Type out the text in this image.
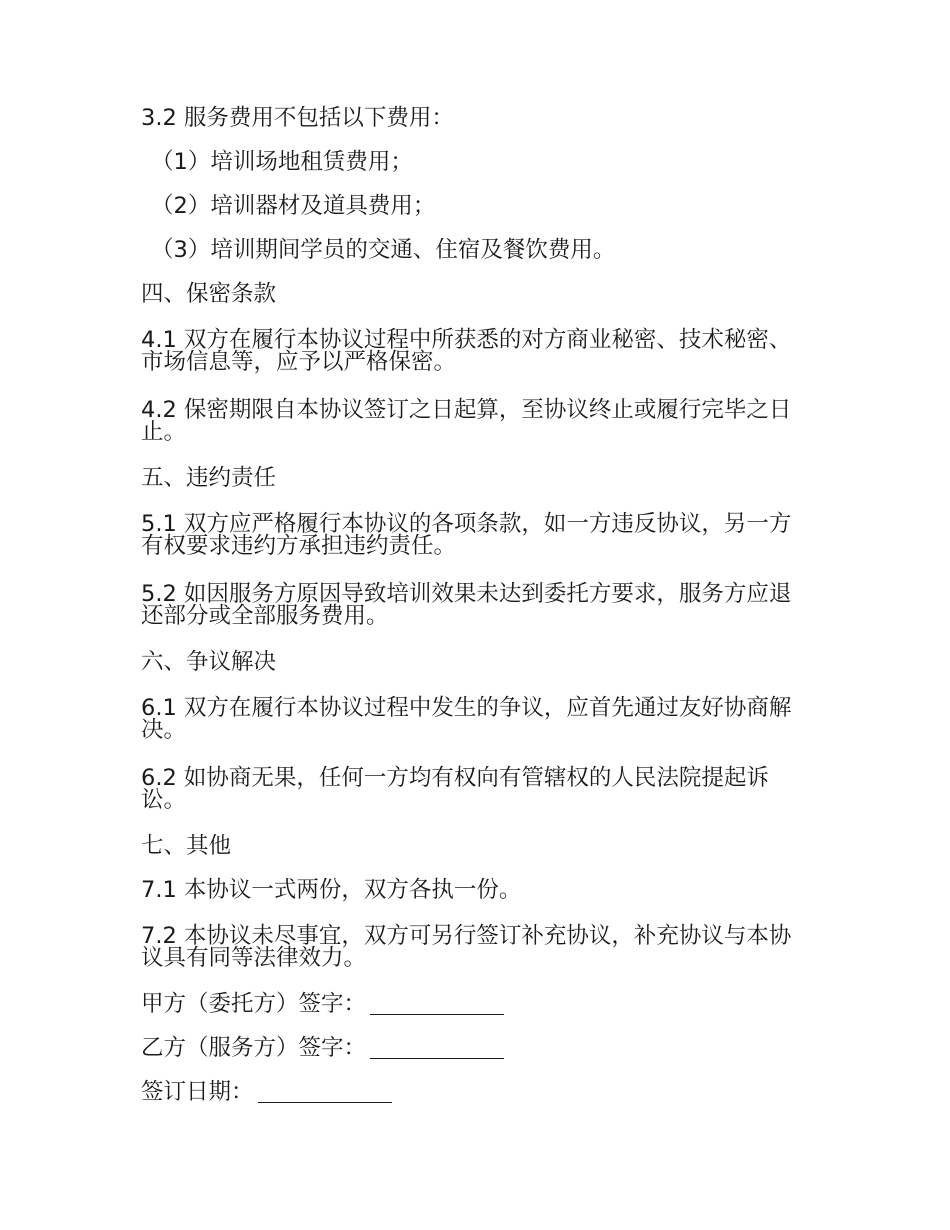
3.2 服务费用不包括以下费用：
（1）培训场地租赁费用；
（2）培训器材及道具费用；
（3）培训期间学员的交通、住宿及餐饮费用。
四、保密条款
4.1 双方在履行本协议过程中所获悉的对方商业秘密、技术秘密、市场信息等，应予以严格保密。
4.2 保密期限自本协议签订之日起算，至协议终止或履行完毕之日止。
五、违约责任
5.1 双方应严格履行本协议的各项条款，如一方违反协议，另一方有权要求违约方承担违约责任。
5.2 如因服务方原因导致培训效果未达到委托方要求，服务方应退还部分或全部服务费用。
六、争议解决
6.1 双方在履行本协议过程中发生的争议，应首先通过友好协商解决。
6.2 如协商无果，任何一方均有权向有管辖权的人民法院提起诉讼。
七、其他
7.1 本协议一式两份，双方各执一份。
7.2 本协议未尽事宜，双方可另行签订补充协议，补充协议与本协议具有同等法律效力。
甲方（委托方）签字：
乙方（服务方）签字：
签订日期：
